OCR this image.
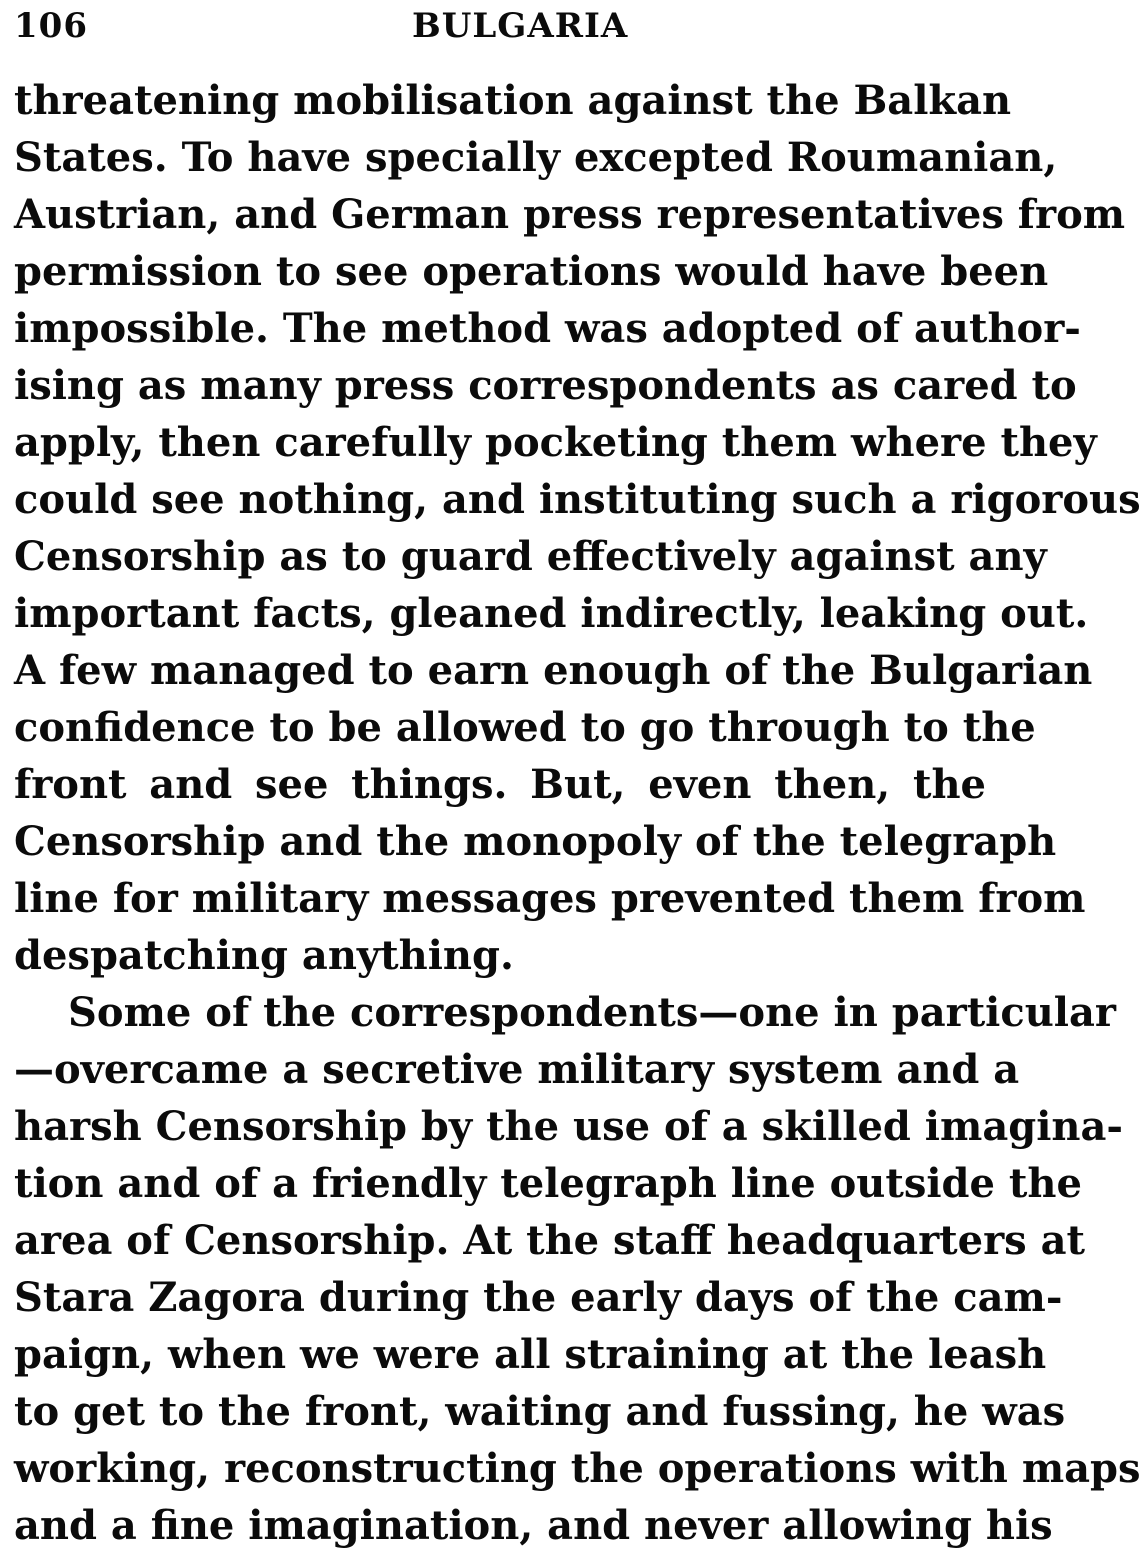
106	BULGARIA
threatening mobilisation against the Balkan
States. To have specially excepted Roumanian,
Austrian, and German press representatives from
permission to see operations would have been
impossible. The method was adopted of author-
ising as many press correspondents as cared to
apply, then carefully pocketing them where they
could see nothing, and instituting such a rigorous
Censorship as to guard effectively against any
important facts, gleaned indirectly, leaking out.
A few managed to earn enough of the Bulgarian
confidence to be allowed to go through to the
front and see things. But, even then, the
Censorship and the monopoly of the telegraph
line for military messages prevented them from
despatching anything.
Some of the correspondents—one in particular
—overcame a secretive military system and a
harsh Censorship by the use of a skilled imagina-
tion and of a friendly telegraph line outside the
area of Censorship. At the staff headquarters at
Stara Zagora during the early days of the cam-
paign, when we were all straining at the leash
to get to the front, waiting and fussing, he was
working, reconstructing the operations with maps
and a fine imagination, and never allowing his
